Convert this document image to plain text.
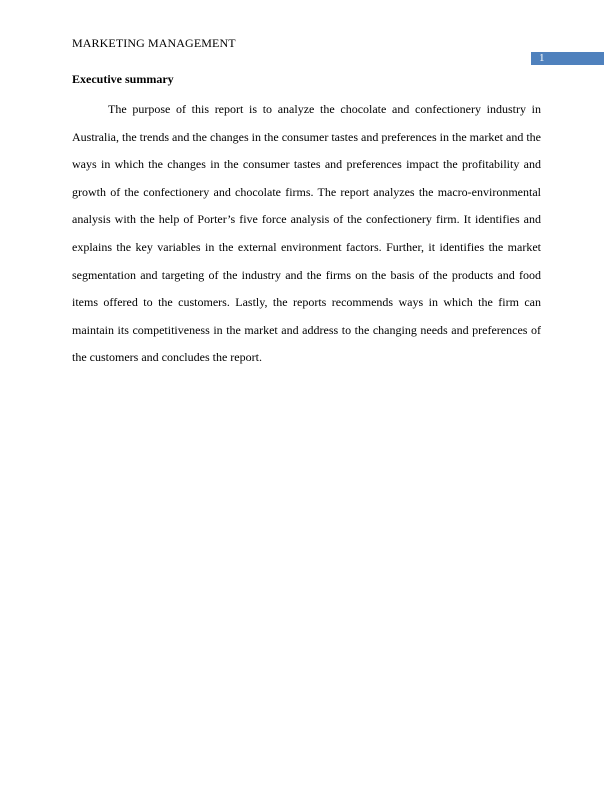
MARKETING MANAGEMENT
1
Executive summary

The purpose of this report is to analyze the chocolate and confectionery industry in Australia, the trends and the changes in the consumer tastes and preferences in the market and the ways in which the changes in the consumer tastes and preferences impact the profitability and growth of the confectionery and chocolate firms. The report analyzes the macro-environmental analysis with the help of Porter’s five force analysis of the confectionery firm. It identifies and explains the key variables in the external environment factors. Further, it identifies the market segmentation and targeting of the industry and the firms on the basis of the products and food items offered to the customers. Lastly, the reports recommends ways in which the firm can maintain its competitiveness in the market and address to the changing needs and preferences of the customers and concludes the report.
